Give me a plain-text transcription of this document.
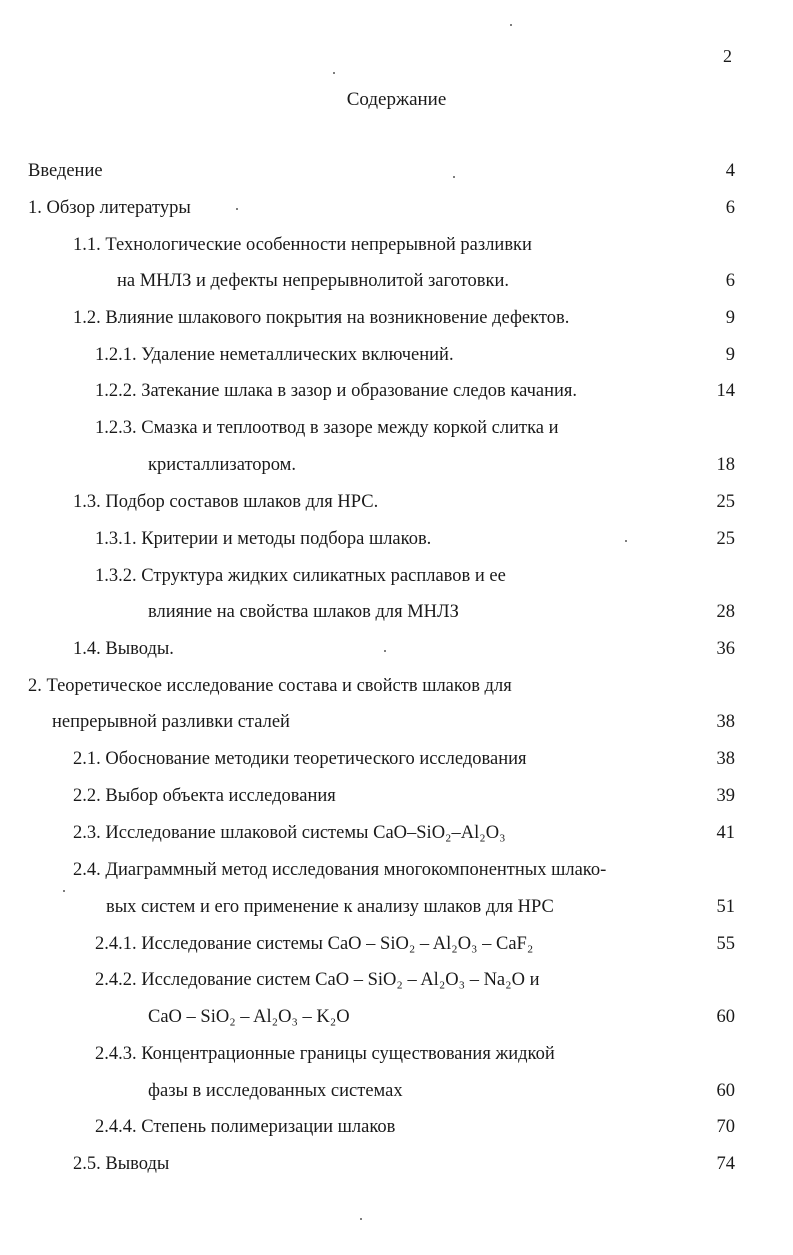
2
Содержание
Введение	4
1. Обзор литературы	6
1.1. Технологические особенности непрерывной разливки
на МНЛЗ и дефекты непрерывнолитой заготовки.	6
1.2. Влияние шлакового покрытия на возникновение дефектов.	9
1.2.1. Удаление неметаллических включений.	9
1.2.2. Затекание шлака в зазор и образование следов качания.	14
1.2.3. Смазка и теплоотвод в зазоре между коркой слитка и
кристаллизатором.	18
1.3. Подбор составов шлаков для НРС.	25
1.3.1. Критерии и методы подбора шлаков.	25
1.3.2. Структура жидких силикатных расплавов и ее
влияние на свойства шлаков для МНЛЗ	28
1.4. Выводы.	36
2. Теоретическое исследование состава и свойств шлаков для
непрерывной разливки сталей	38
2.1. Обоснование методики теоретического исследования	38
2.2. Выбор объекта исследования	39
2.3. Исследование шлаковой системы CaO–SiO₂–Al₂O₃	41
2.4. Диаграммный метод исследования многокомпонентных шлако-
вых систем и его применение к анализу шлаков для НРС	51
2.4.1. Исследование системы CaO – SiO₂ – Al₂O₃ – CaF₂	55
2.4.2. Исследование систем CaO – SiO₂ – Al₂O₃ – Na₂O и
CaO – SiO₂ – Al₂O₃ – K₂O	60
2.4.3. Концентрационные границы существования жидкой
фазы в исследованных системах	60
2.4.4. Степень полимеризации шлаков	70
2.5. Выводы	74
